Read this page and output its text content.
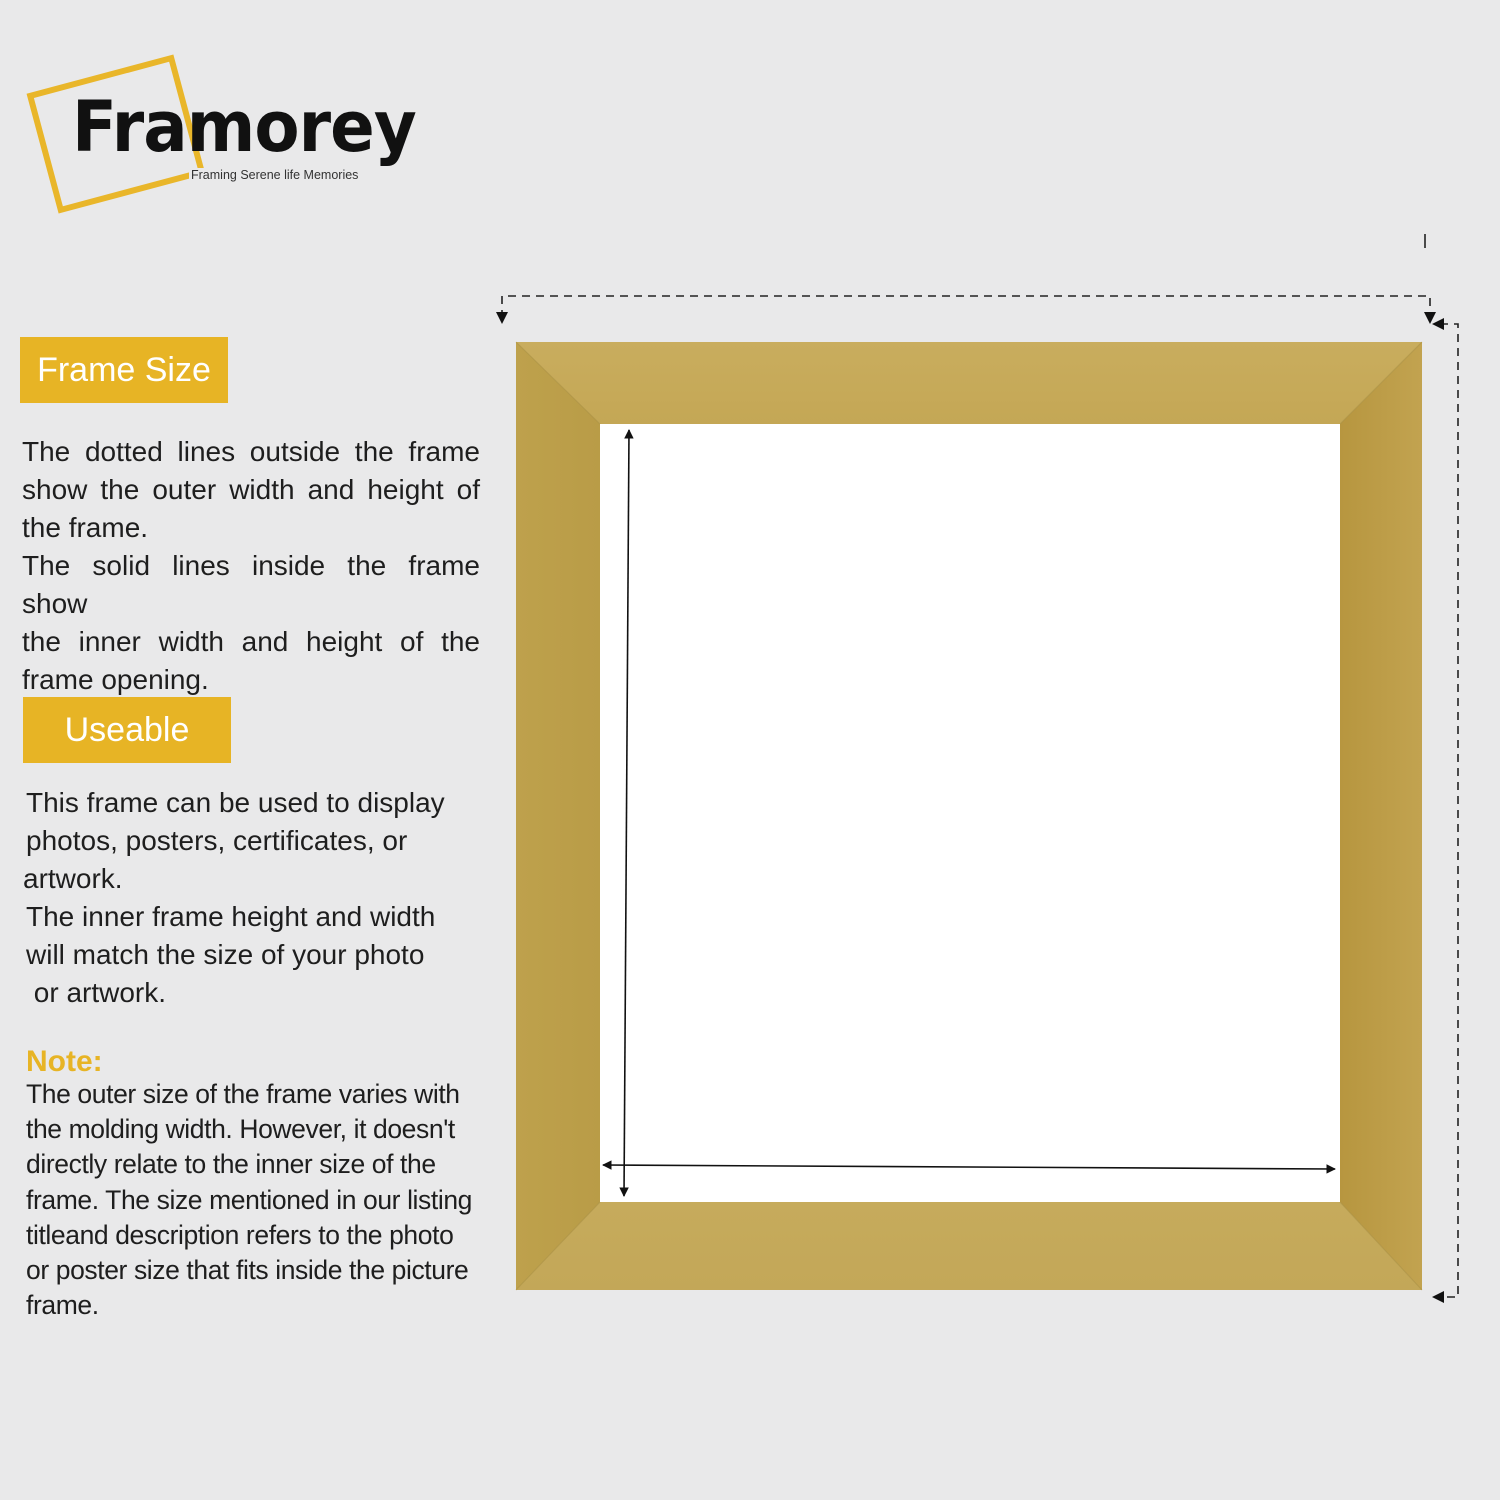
Framorey
Framing Serene life Memories
Frame Size
The dotted lines outside the frame
show the outer width and height of
the frame.
The solid lines inside the frame show
the inner width and height of the
frame opening.
Useable
This frame can be used to display
photos, posters, certificates, or
artwork.
The inner frame height and width
will match the size of your photo
or artwork.
Note:
The outer size of the frame varies with
the molding width. However, it doesn't
directly relate to the inner size of the
frame. The size mentioned in our listing
titleand description refers to the photo
or poster size that fits inside the picture
frame.
